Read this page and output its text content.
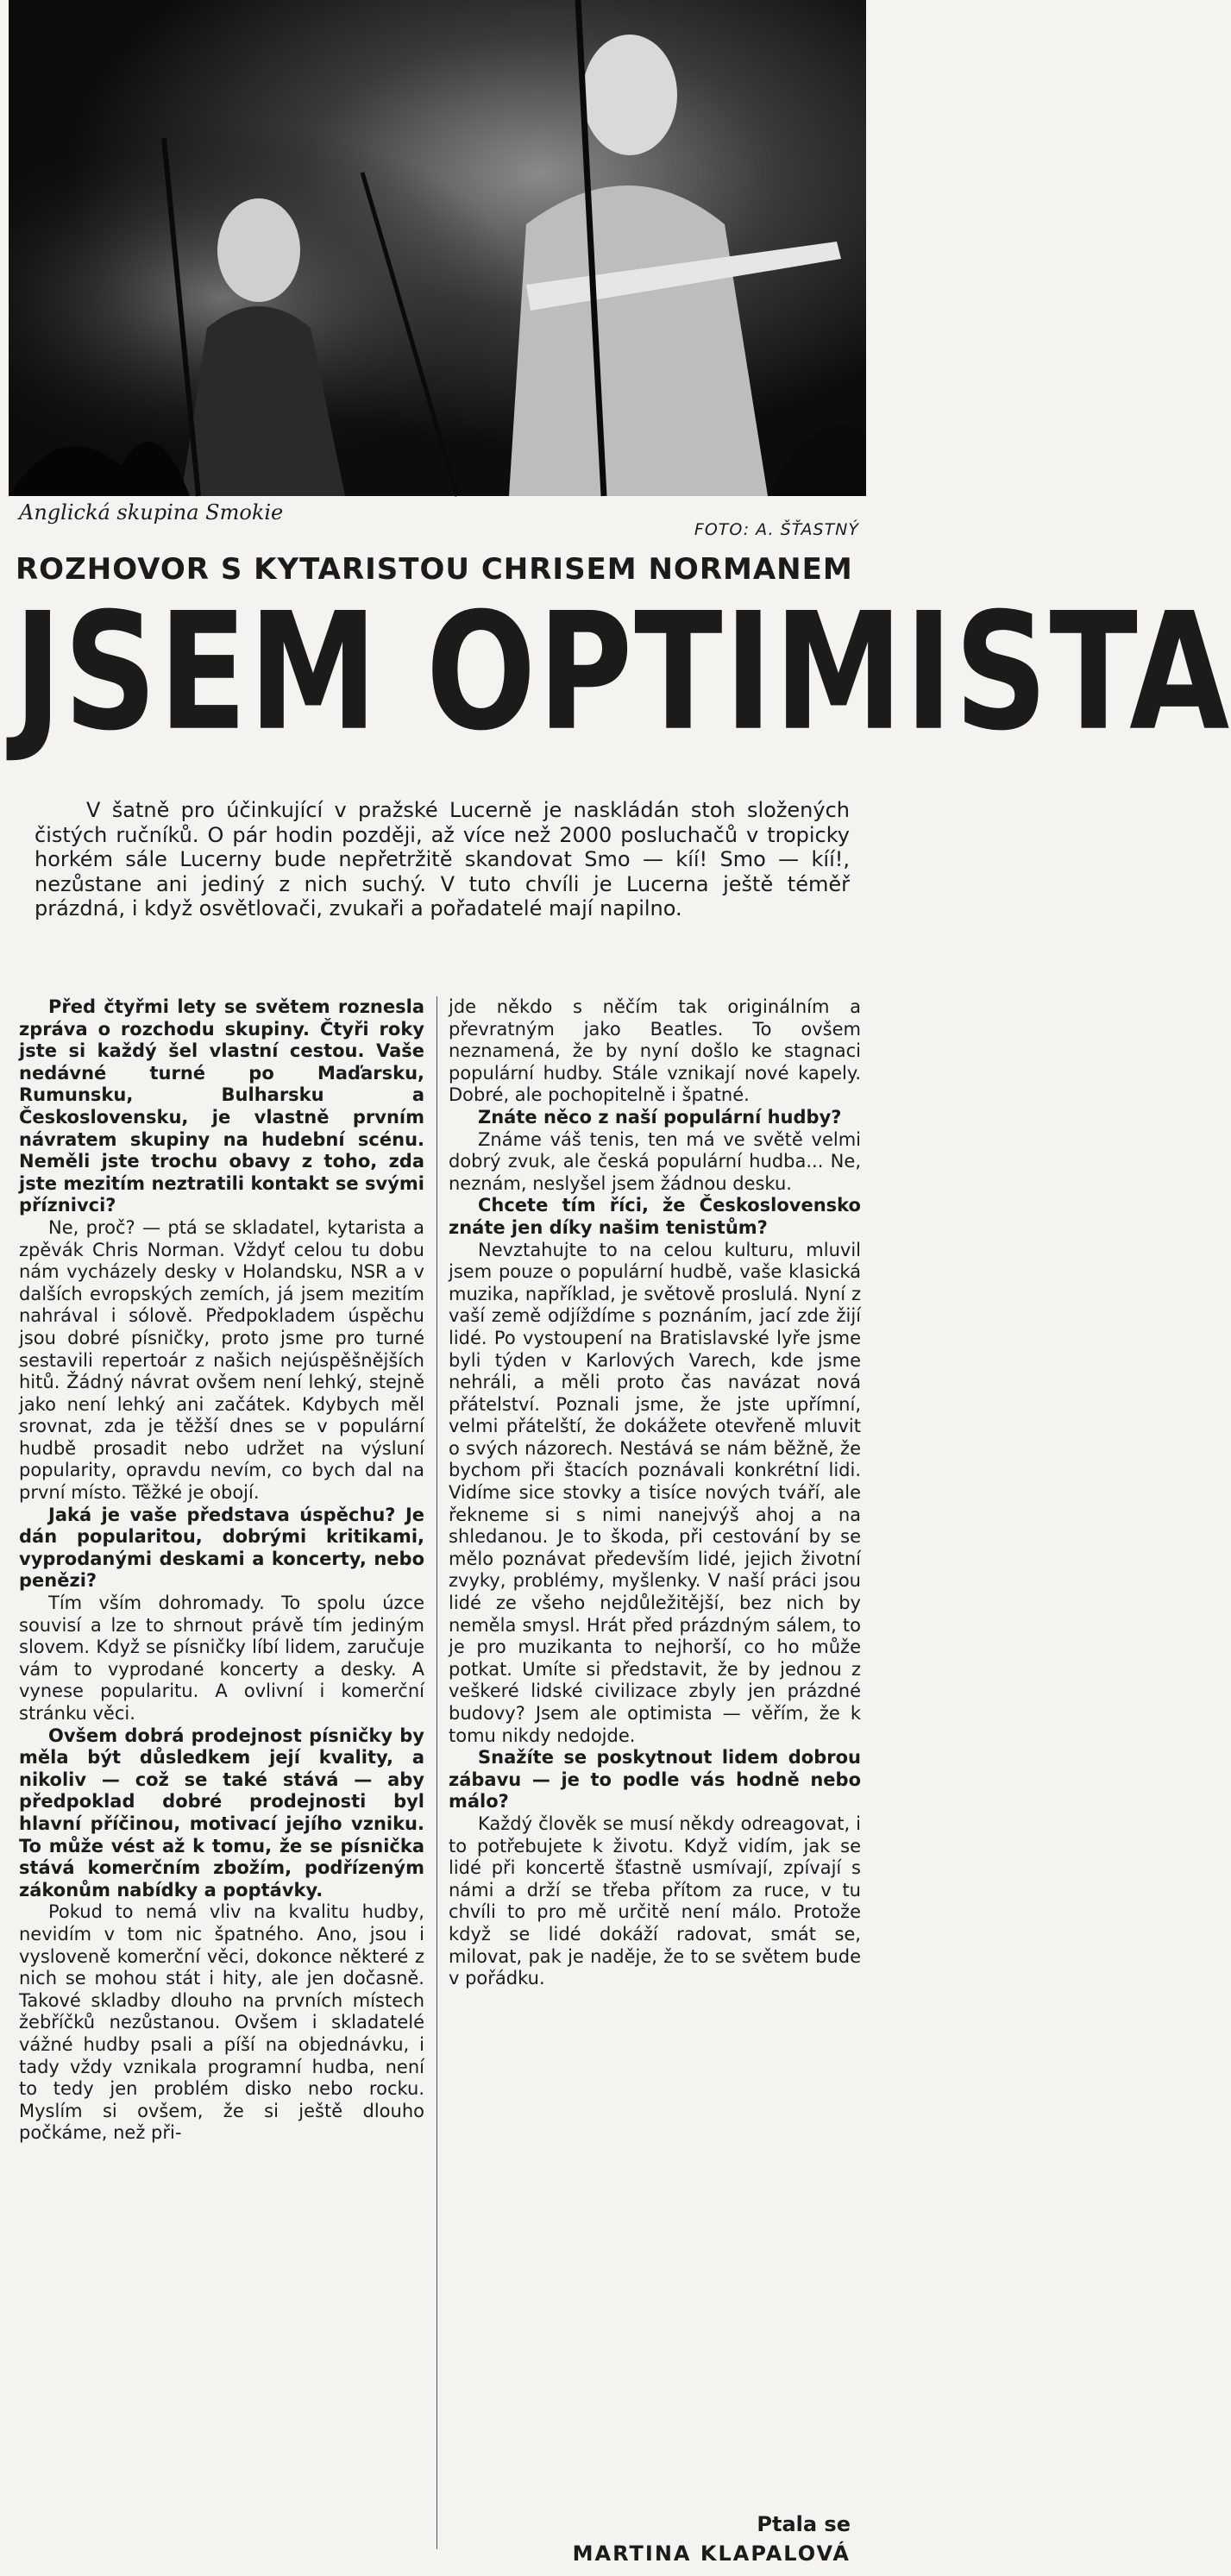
Anglická skupina Smokie
FOTO: A. ŠŤASTNÝ
ROZHOVOR S KYTARISTOU CHRISEM NORMANEM
JSEM OPTIMISTA
V šatně pro účinkující v pražské Lucerně je naskládán stoh složených čistých ručníků. O pár hodin později, až více než 2000 posluchačů v tropicky horkém sále Lucerny bude nepřetržitě skandovat Smo — kíí! Smo — kíí!, nezůstane ani jediný z nich suchý. V tuto chvíli je Lucerna ještě téměř prázdná, i když osvětlovači, zvukaři a pořadatelé mají napilno.

Před čtyřmi lety se světem roznesla zpráva o rozchodu skupiny. Čtyři roky jste si každý šel vlastní cestou. Vaše nedávné turné po Maďarsku, Rumunsku, Bulharsku a Československu, je vlastně prvním návratem skupiny na hudební scénu. Neměli jste trochu obavy z toho, zda jste mezitím neztratili kontakt se svými příznivci?

Ne, proč? — ptá se skladatel, kytarista a zpěvák Chris Norman. Vždyť celou tu dobu nám vycházely desky v Holandsku, NSR a v dalších evropských zemích, já jsem mezitím nahrával i sólově. Předpokladem úspěchu jsou dobré písničky, proto jsme pro turné sestavili repertoár z našich nejúspěšnějších hitů. Žádný návrat ovšem není lehký, stejně jako není lehký ani začátek. Kdybych měl srovnat, zda je těžší dnes se v populární hudbě prosadit nebo udržet na výsluní popularity, opravdu nevím, co bych dal na první místo. Těžké je obojí.

Jaká je vaše představa úspěchu? Je dán popularitou, dobrými kritikami, vyprodanými deskami a koncerty, nebo penězi?

Tím vším dohromady. To spolu úzce souvisí a lze to shrnout právě tím jediným slovem. Když se písničky líbí lidem, zaručuje vám to vyprodané koncerty a desky. A vynese popularitu. A ovlivní i komerční stránku věci.

Ovšem dobrá prodejnost písničky by měla být důsledkem její kvality, a nikoliv — což se také stává — aby předpoklad dobré prodejnosti byl hlavní příčinou, motivací jejího vzniku. To může vést až k tomu, že se písnička stává komerčním zbožím, podřízeným zákonům nabídky a poptávky.

Pokud to nemá vliv na kvalitu hudby, nevidím v tom nic špatného. Ano, jsou i vysloveně komerční věci, dokonce některé z nich se mohou stát i hity, ale jen dočasně. Takové skladby dlouho na prvních místech žebříčků nezůstanou. Ovšem i skladatelé vážné hudby psali a píší na objednávku, i tady vždy vznikala programní hudba, není to tedy jen problém disko nebo rocku. Myslím si ovšem, že si ještě dlouho počkáme, než při-

jde někdo s něčím tak originálním a převratným jako Beatles. To ovšem neznamená, že by nyní došlo ke stagnaci populární hudby. Stále vznikají nové kapely. Dobré, ale pochopitelně i špatné.

Znáte něco z naší populární hudby?

Známe váš tenis, ten má ve světě velmi dobrý zvuk, ale česká populární hudba... Ne, neznám, neslyšel jsem žádnou desku.

Chcete tím říci, že Československo znáte jen díky našim tenistům?

Nevztahujte to na celou kulturu, mluvil jsem pouze o populární hudbě, vaše klasická muzika, například, je světově proslulá. Nyní z vaší země odjíždíme s poznáním, jací zde žijí lidé. Po vystoupení na Bratislavské lyře jsme byli týden v Karlových Varech, kde jsme nehráli, a měli proto čas navázat nová přátelství. Poznali jsme, že jste upřímní, velmi přátelští, že dokážete otevřeně mluvit o svých názorech. Nestává se nám běžně, že bychom při štacích poznávali konkrétní lidi. Vidíme sice stovky a tisíce nových tváří, ale řekneme si s nimi nanejvýš ahoj a na shledanou. Je to škoda, při cestování by se mělo poznávat především lidé, jejich životní zvyky, problémy, myšlenky. V naší práci jsou lidé ze všeho nejdůležitější, bez nich by neměla smysl. Hrát před prázdným sálem, to je pro muzikanta to nejhorší, co ho může potkat. Umíte si představit, že by jednou z veškeré lidské civilizace zbyly jen prázdné budovy? Jsem ale optimista — věřím, že k tomu nikdy nedojde.

Snažíte se poskytnout lidem dobrou zábavu — je to podle vás hodně nebo málo?

Každý člověk se musí někdy odreagovat, i to potřebujete k životu. Když vidím, jak se lidé při koncertě šťastně usmívají, zpívají s námi a drží se třeba přítom za ruce, v tu chvíli to pro mě určitě není málo. Protože když se lidé dokáží radovat, smát se, milovat, pak je naděje, že to se světem bude v pořádku.

Ptala se
MARTINA KLAPALOVÁ
